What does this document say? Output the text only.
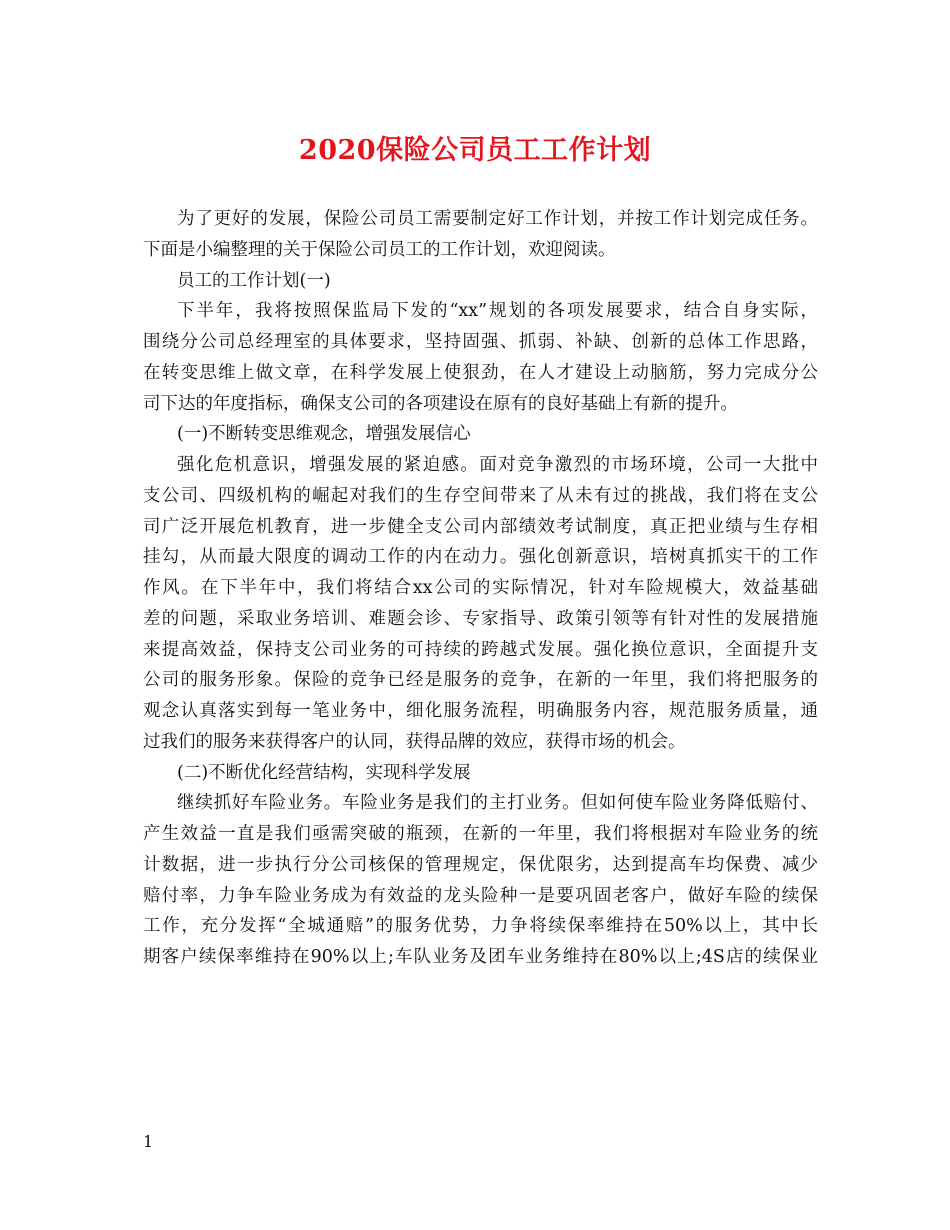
2020保险公司员工工作计划
为了更好的发展，保险公司员工需要制定好工作计划，并按工作计划完成任务。
下面是小编整理的关于保险公司员工的工作计划，欢迎阅读。
员工的工作计划(一)
下半年，我将按照保监局下发的“xx”规划的各项发展要求，结合自身实际，
围绕分公司总经理室的具体要求，坚持固强、抓弱、补缺、创新的总体工作思路，
在转变思维上做文章，在科学发展上使狠劲，在人才建设上动脑筋，努力完成分公
司下达的年度指标，确保支公司的各项建设在原有的良好基础上有新的提升。
(一)不断转变思维观念，增强发展信心
强化危机意识，增强发展的紧迫感。面对竞争激烈的市场环境，公司一大批中
支公司、四级机构的崛起对我们的生存空间带来了从未有过的挑战，我们将在支公
司广泛开展危机教育，进一步健全支公司内部绩效考试制度，真正把业绩与生存相
挂勾，从而最大限度的调动工作的内在动力。强化创新意识，培树真抓实干的工作
作风。在下半年中，我们将结合xx公司的实际情况，针对车险规模大，效益基础
差的问题，采取业务培训、难题会诊、专家指导、政策引领等有针对性的发展措施
来提高效益，保持支公司业务的可持续的跨越式发展。强化换位意识，全面提升支
公司的服务形象。保险的竞争已经是服务的竞争，在新的一年里，我们将把服务的
观念认真落实到每一笔业务中，细化服务流程，明确服务内容，规范服务质量，通
过我们的服务来获得客户的认同，获得品牌的效应，获得市场的机会。
(二)不断优化经营结构，实现科学发展
继续抓好车险业务。车险业务是我们的主打业务。但如何使车险业务降低赔付、
产生效益一直是我们亟需突破的瓶颈，在新的一年里，我们将根据对车险业务的统
计数据，进一步执行分公司核保的管理规定，保优限劣，达到提高车均保费、减少
赔付率，力争车险业务成为有效益的龙头险种一是要巩固老客户，做好车险的续保
工作，充分发挥“全城通赔”的服务优势，力争将续保率维持在50%以上，其中长
期客户续保率维持在90%以上;车队业务及团车业务维持在80%以上;4S店的续保业
1
